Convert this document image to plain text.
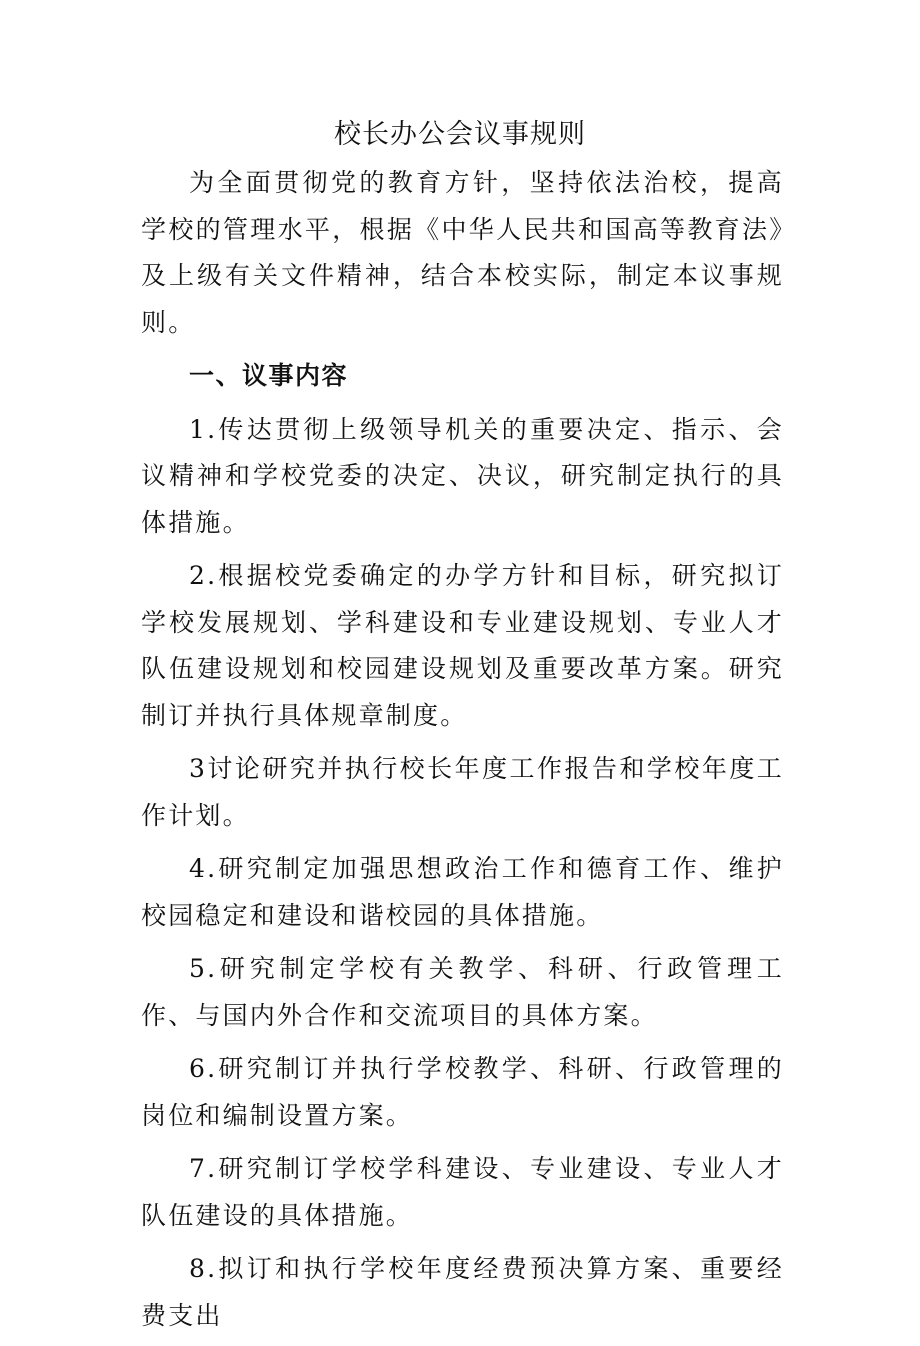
校长办公会议事规则

为全面贯彻党的教育方针，坚持依法治校，提高学校的管理水平，根据《中华人民共和国高等教育法》及上级有关文件精神，结合本校实际，制定本议事规则。

一、议事内容

1.传达贯彻上级领导机关的重要决定、指示、会议精神和学校党委的决定、决议，研究制定执行的具体措施。

2.根据校党委确定的办学方针和目标，研究拟订学校发展规划、学科建设和专业建设规划、专业人才队伍建设规划和校园建设规划及重要改革方案。研究制订并执行具体规章制度。

3讨论研究并执行校长年度工作报告和学校年度工作计划。

4.研究制定加强思想政治工作和德育工作、维护校园稳定和建设和谐校园的具体措施。

5.研究制定学校有关教学、科研、行政管理工作、与国内外合作和交流项目的具体方案。

6.研究制订并执行学校教学、科研、行政管理的岗位和编制设置方案。

7.研究制订学校学科建设、专业建设、专业人才队伍建设的具体措施。

8.拟订和执行学校年度经费预决算方案、重要经费支出
